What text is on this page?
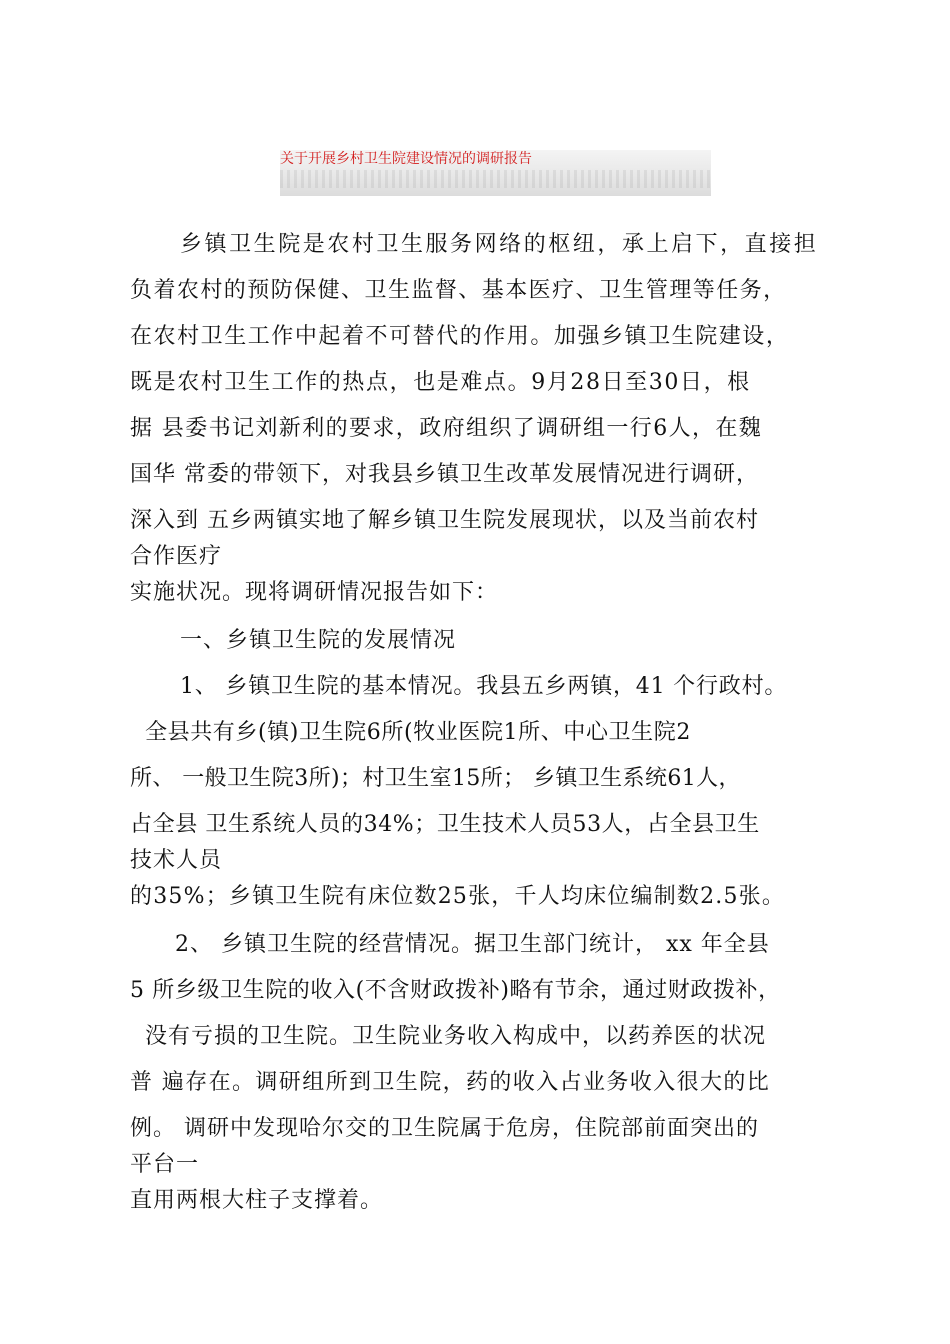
关于开展乡村卫生院建设情况的调研报告
乡镇卫生院是农村卫生服务网络的枢纽，承上启下，直接担
负着农村的预防保健、卫生监督、基本医疗、卫生管理等任务，
在农村卫生工作中起着不可替代的作用。加强乡镇卫生院建设，
既是农村卫生工作的热点，也是难点。9月28日至30日，根
据 县委书记刘新利的要求，政府组织了调研组一行6人，在魏
国华 常委的带领下，对我县乡镇卫生改革发展情况进行调研，
深入到 五乡两镇实地了解乡镇卫生院发展现状，以及当前农村
合作医疗
实施状况。现将调研情况报告如下：
一、乡镇卫生院的发展情况
1、 乡镇卫生院的基本情况。我县五乡两镇，41 个行政村。
全县共有乡(镇)卫生院6所(牧业医院1所、中心卫生院2
所、 一般卫生院3所)；村卫生室15所； 乡镇卫生系统61人，
占全县 卫生系统人员的34%；卫生技术人员53人，占全县卫生
技术人员
的35%；乡镇卫生院有床位数25张，千人均床位编制数2.5张。
2、 乡镇卫生院的经营情况。据卫生部门统计， xx 年全县
5 所乡级卫生院的收入(不含财政拨补)略有节余，通过财政拨补，
没有亏损的卫生院。卫生院业务收入构成中，以药养医的状况
普 遍存在。调研组所到卫生院，药的收入占业务收入很大的比
例。 调研中发现哈尔交的卫生院属于危房，住院部前面突出的
平台一
直用两根大柱子支撑着。
